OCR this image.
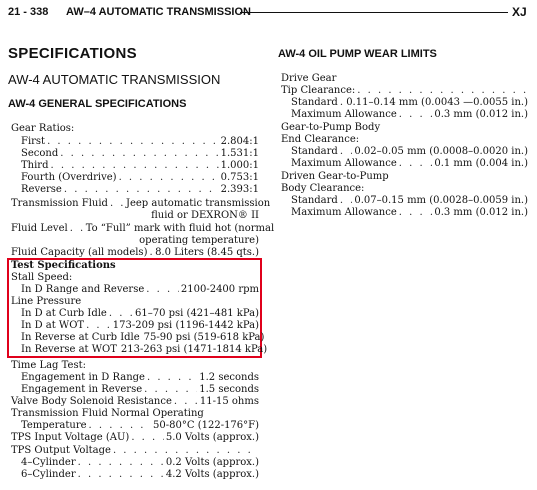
21 - 338 AW–4 AUTOMATIC TRANSMISSION	XJ
SPECIFICATIONS
AW-4 AUTOMATIC TRANSMISSION
AW-4 GENERAL SPECIFICATIONS
Gear Ratios:
First . . .	2.804:1
Second . . .	1.531:1
Third . . .	1.000:1
Fourth (Overdrive) . . .	0.753:1
Reverse . . .	2.393:1
Transmission Fluid . . . Jeep automatic transmission
fluid or DEXRON® II
Fluid Level . . . To “Full” mark with fluid hot (normal
operating temperature)
Fluid Capacity (all models) . . . 8.0 Liters (8.45 qts.)
Test Specifications
Stall Speed:
In D Range and Reverse . . .	2100-2400 rpm
Line Pressure
In D at Curb Idle . . .	61–70 psi (421–481 kPa)
In D at WOT . . .	173-209 psi (1196-1442 kPa)
In Reverse at Curb Idle 75-90 psi (519-618 kPa)
In Reverse at WOT 213-263 psi (1471-1814 kPa)
Time Lag Test:
Engagement in D Range . . .	1.2 seconds
Engagement in Reverse . . .	1.5 seconds
Valve Body Solenoid Resistance . . .	11-15 ohms
Transmission Fluid Normal Operating
Temperature . . .	50-80°C (122-176°F)
TPS Input Voltage (AU) . . .	5.0 Volts (approx.)
TPS Output Voltage
. . .
4–Cylinder . . .	0.2 Volts (approx.)
6–Cylinder . . .	4.2 Volts (approx.)
AW-4 OIL PUMP WEAR LIMITS
Drive Gear
Tip Clearance:
. . .
Standard . . . 0.11–0.14 mm (0.0043 —0.0055 in.)
Maximum Allowance . . .	0.3 mm (0.012 in.)
Gear-to-Pump Body
End Clearance:
Standard . . . 0.02–0.05 mm (0.0008–0.0020 in.)
Maximum Allowance . . .	0.1 mm (0.004 in.)
Driven Gear-to-Pump
Body Clearance:
Standard . . . 0.07–0.15 mm (0.0028–0.0059 in.)
Maximum Allowance . . .	0.3 mm (0.012 in.)
